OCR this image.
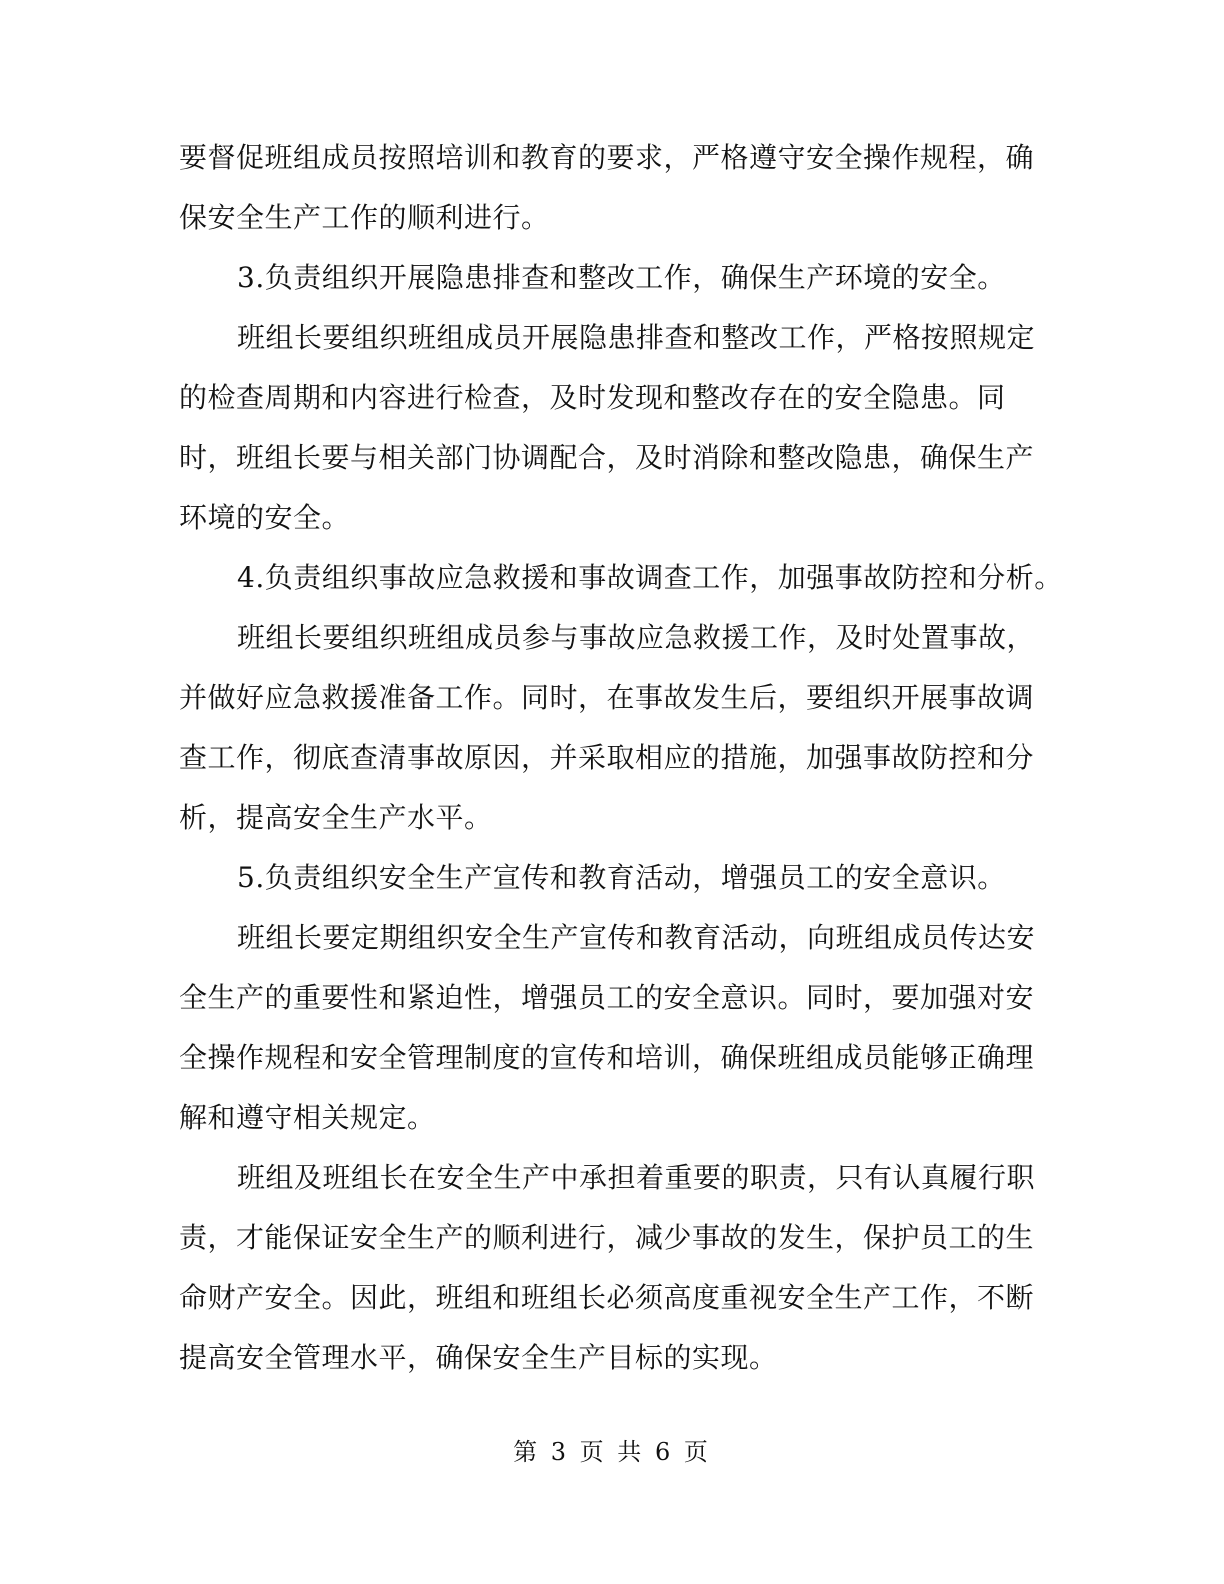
要督促班组成员按照培训和教育的要求，严格遵守安全操作规程，确
保安全生产工作的顺利进行。
3.负责组织开展隐患排查和整改工作，确保生产环境的安全。
班组长要组织班组成员开展隐患排查和整改工作，严格按照规定
的检查周期和内容进行检查，及时发现和整改存在的安全隐患。同
时，班组长要与相关部门协调配合，及时消除和整改隐患，确保生产
环境的安全。
4.负责组织事故应急救援和事故调查工作，加强事故防控和分析。
班组长要组织班组成员参与事故应急救援工作，及时处置事故，
并做好应急救援准备工作。同时，在事故发生后，要组织开展事故调
查工作，彻底查清事故原因，并采取相应的措施，加强事故防控和分
析，提高安全生产水平。
5.负责组织安全生产宣传和教育活动，增强员工的安全意识。
班组长要定期组织安全生产宣传和教育活动，向班组成员传达安
全生产的重要性和紧迫性，增强员工的安全意识。同时，要加强对安
全操作规程和安全管理制度的宣传和培训，确保班组成员能够正确理
解和遵守相关规定。
班组及班组长在安全生产中承担着重要的职责，只有认真履行职
责，才能保证安全生产的顺利进行，减少事故的发生，保护员工的生
命财产安全。因此，班组和班组长必须高度重视安全生产工作，不断
提高安全管理水平，确保安全生产目标的实现。
第 3 页 共 6 页
